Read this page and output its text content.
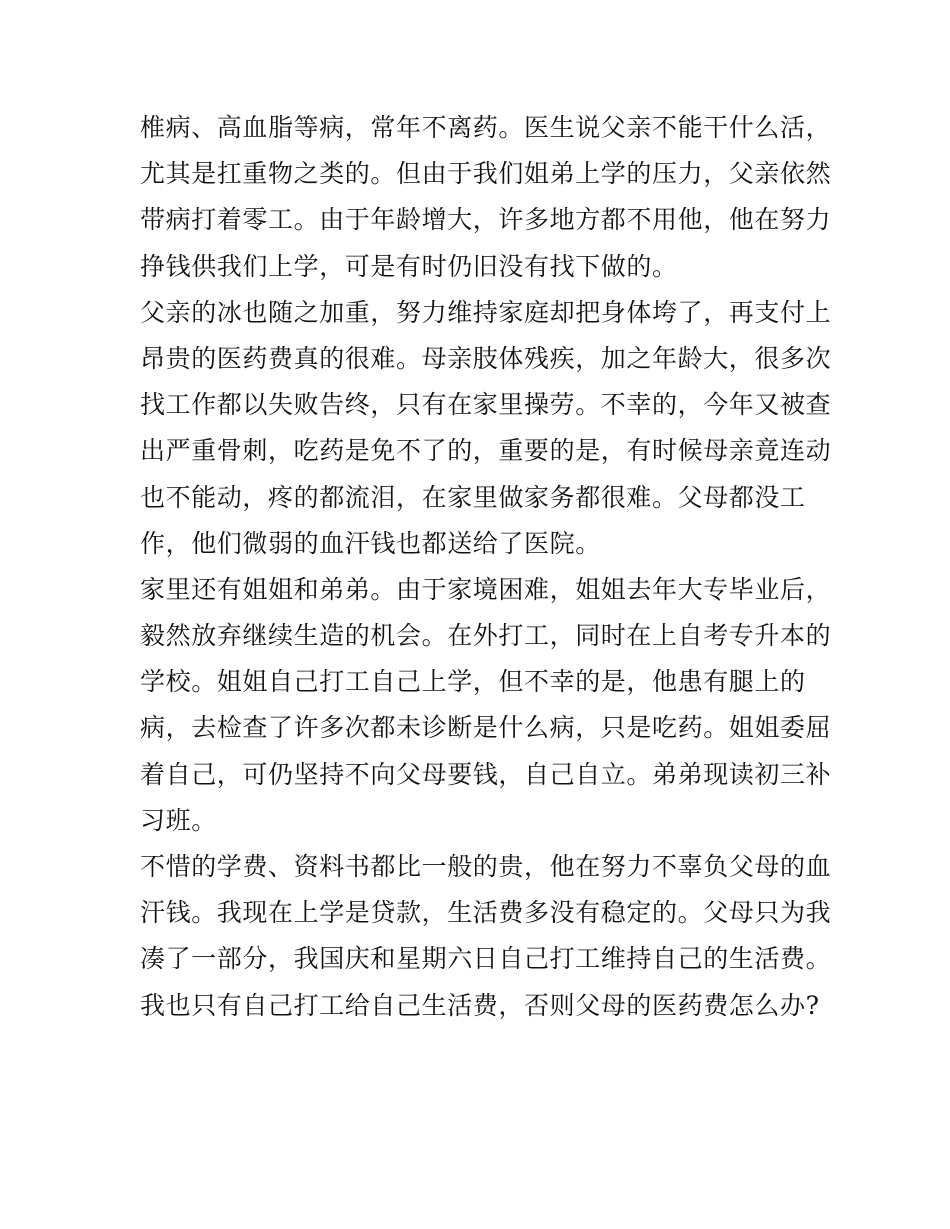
椎病、高血脂等病，常年不离药。医生说父亲不能干什么活，
尤其是扛重物之类的。但由于我们姐弟上学的压力，父亲依然
带病打着零工。由于年龄增大，许多地方都不用他，他在努力
挣钱供我们上学，可是有时仍旧没有找下做的。
父亲的冰也随之加重，努力维持家庭却把身体垮了，再支付上
昂贵的医药费真的很难。母亲肢体残疾，加之年龄大，很多次
找工作都以失败告终，只有在家里操劳。不幸的，今年又被查
出严重骨刺，吃药是免不了的，重要的是，有时候母亲竟连动
也不能动，疼的都流泪，在家里做家务都很难。父母都没工
作，他们微弱的血汗钱也都送给了医院。
家里还有姐姐和弟弟。由于家境困难，姐姐去年大专毕业后，
毅然放弃继续生造的机会。在外打工，同时在上自考专升本的
学校。姐姐自己打工自己上学，但不幸的是，他患有腿上的
病，去检查了许多次都未诊断是什么病，只是吃药。姐姐委屈
着自己，可仍坚持不向父母要钱，自己自立。弟弟现读初三补
习班。
不惜的学费、资料书都比一般的贵，他在努力不辜负父母的血
汗钱。我现在上学是贷款，生活费多没有稳定的。父母只为我
凑了一部分，我国庆和星期六日自己打工维持自己的生活费。
我也只有自己打工给自己生活费，否则父母的医药费怎么办?
